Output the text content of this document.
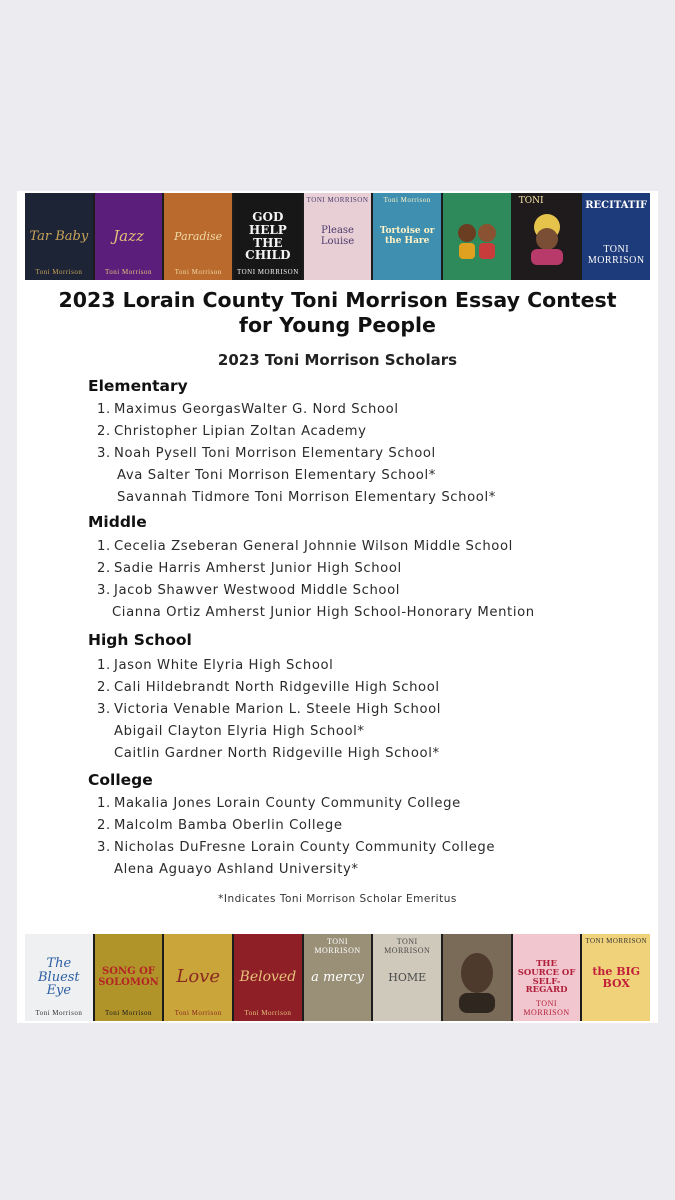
Tar Baby
Toni Morrison
Jazz
Toni Morrison
Paradise
Toni Morrison
GOD HELP THE CHILD
TONI MORRISON
Please Louise
TONI MORRISON
Tortoise or the Hare
Toni Morrison	TONI	RECITATIF
TONI MORRISON
2023 Lorain County Toni Morrison Essay Contest
for Young People
2023 Toni Morrison Scholars
Elementary
1. Maximus GeorgasWalter G. Nord School
2. Christopher Lipian Zoltan Academy
3. Noah Pysell Toni Morrison Elementary School
Ava Salter Toni Morrison Elementary School*
Savannah Tidmore Toni Morrison Elementary School*
Middle
1. Cecelia Zseberan General Johnnie Wilson Middle School
2. Sadie Harris Amherst Junior High School
3. Jacob Shawver Westwood Middle School
Cianna Ortiz Amherst Junior High School-Honorary Mention
High School
1. Jason White Elyria High School
2. Cali Hildebrandt North Ridgeville High School
3. Victoria Venable Marion L. Steele High School
Abigail Clayton Elyria High School*
Caitlin Gardner North Ridgeville High School*
College
1. Makalia Jones Lorain County Community College
2. Malcolm Bamba Oberlin College
3. Nicholas DuFresne Lorain County Community College
Alena Aguayo Ashland University*
*Indicates Toni Morrison Scholar Emeritus
The Bluest Eye
Toni Morrison
SONG OF SOLOMON
Toni Morrison
Love
Toni Morrison
Beloved
Toni Morrison
a mercy
TONI MORRISON
HOME
TONI MORRISON
THE SOURCE OF SELF-REGARD
TONI MORRISON
the BIG BOX
TONI MORRISON
